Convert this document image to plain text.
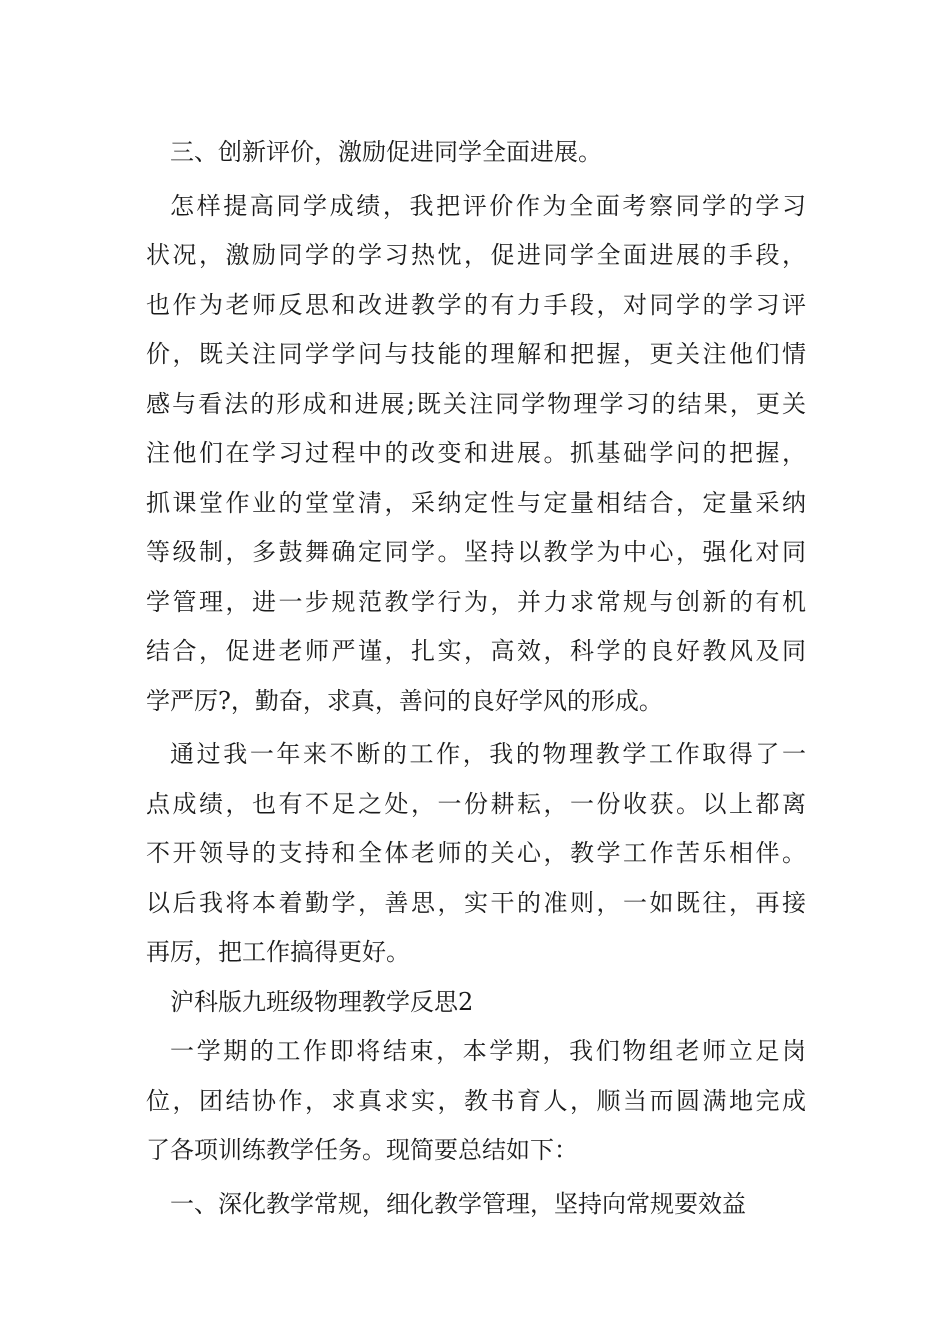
三、创新评价，激励促进同学全面进展。
怎样提高同学成绩，我把评价作为全面考察同学的学习
状况，激励同学的学习热忱，促进同学全面进展的手段，
也作为老师反思和改进教学的有力手段，对同学的学习评
价，既关注同学学问与技能的理解和把握，更关注他们情
感与看法的形成和进展;既关注同学物理学习的结果，更关
注他们在学习过程中的改变和进展。抓基础学问的把握，
抓课堂作业的堂堂清，采纳定性与定量相结合，定量采纳
等级制，多鼓舞确定同学。坚持以教学为中心，强化对同
学管理，进一步规范教学行为，并力求常规与创新的有机
结合，促进老师严谨，扎实，高效，科学的良好教风及同
学严厉?，勤奋，求真，善问的良好学风的形成。
通过我一年来不断的工作，我的物理教学工作取得了一
点成绩，也有不足之处，一份耕耘，一份收获。以上都离
不开领导的支持和全体老师的关心，教学工作苦乐相伴。
以后我将本着勤学，善思，实干的准则，一如既往，再接
再厉，把工作搞得更好。
沪科版九班级物理教学反思2
一学期的工作即将结束，本学期，我们物组老师立足岗
位，团结协作，求真求实，教书育人，顺当而圆满地完成
了各项训练教学任务。现简要总结如下：
一、深化教学常规，细化教学管理，坚持向常规要效益
